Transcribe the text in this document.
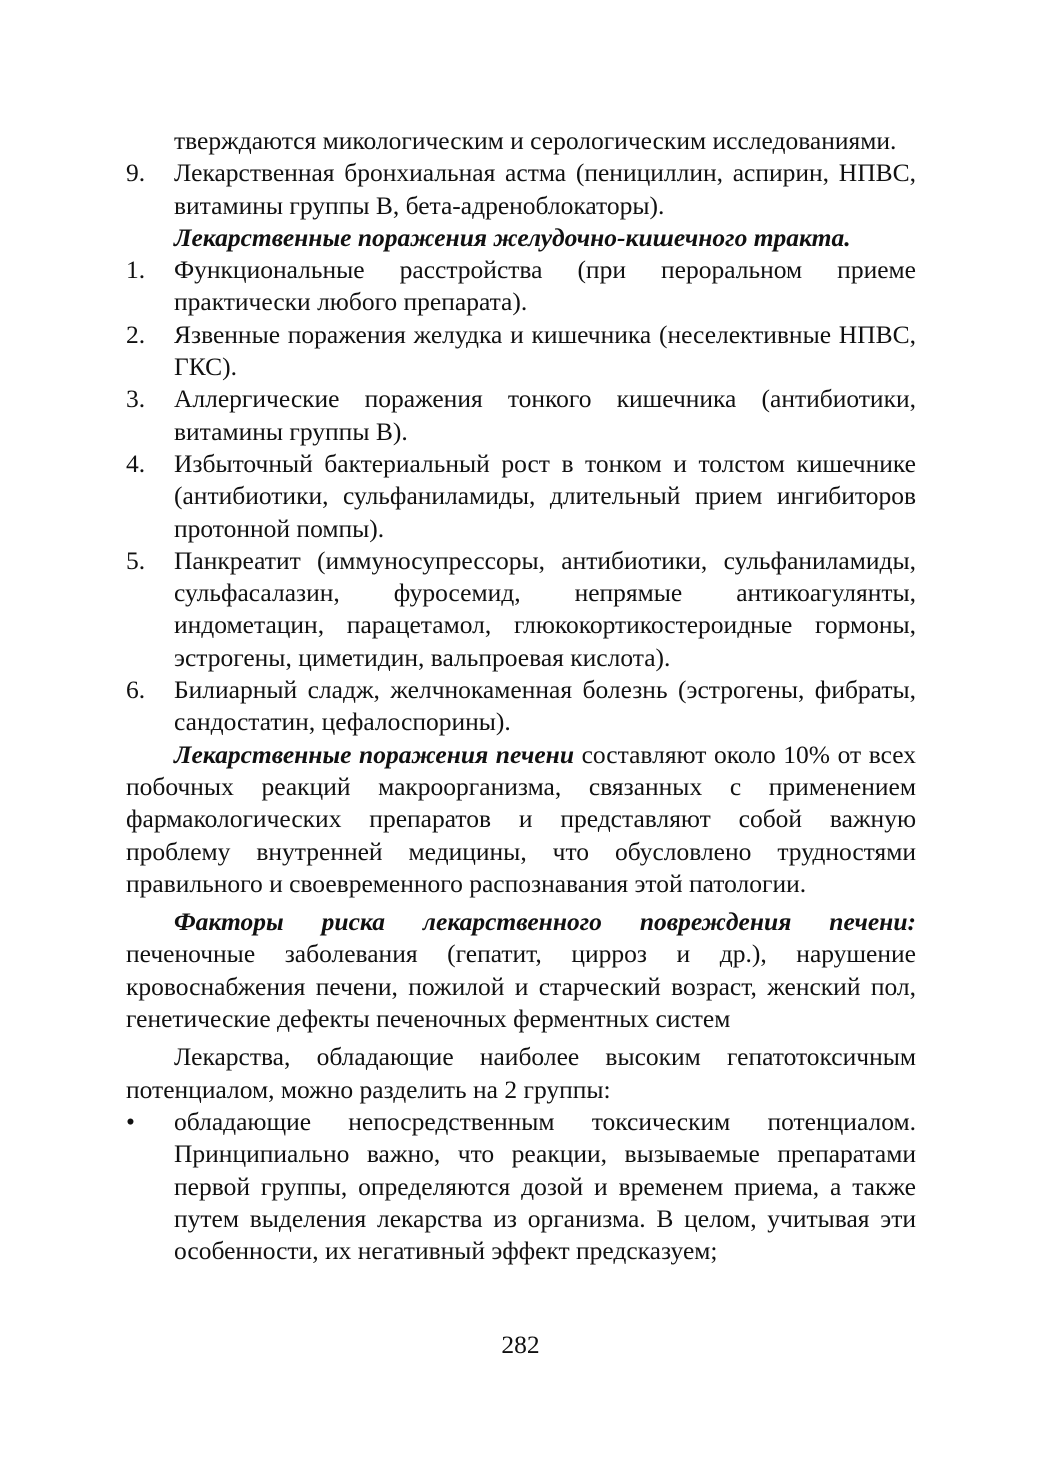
тверждаются микологическим и серологическим исследованиями.
9.	Лекарственная бронхиальная астма (пенициллин, аспирин, НПВС, витамины группы В, бета-адреноблокаторы).
Лекарственные поражения желудочно-кишечного тракта.
1.	Функциональные расстройства (при пероральном приеме практически любого препарата).
2.	Язвенные поражения желудка и кишечника (неселективные НПВС, ГКС).
3.	Аллергические поражения тонкого кишечника (антибиотики, витамины группы В).
4.	Избыточный бактериальный рост в тонком и толстом кишечнике (антибиотики, сульфаниламиды, длительный прием ингибиторов протонной помпы).
5.	Панкреатит (иммуносупрессоры, антибиотики, сульфаниламиды, сульфасалазин, фуросемид, непрямые антикоагулянты, индометацин, парацетамол, глюкокортикостероидные гормоны, эстрогены, циметидин, вальпроевая кислота).
6.	Билиарный сладж, желчнокаменная болезнь (эстрогены, фибраты, сандостатин, цефалоспорины).

Лекарственные поражения печени составляют около 10% от всех побочных реакций макроорганизма, связанных с применением фармакологических препаратов и представляют собой важную проблему внутренней медицины, что обусловлено трудностями правильного и своевременного распознавания этой патологии.

Факторы риска лекарственного повреждения печени: печеночные заболевания (гепатит, цирроз и др.), нарушение кровоснабжения печени, пожилой и старческий возраст, женский пол, генетические дефекты печеночных ферментных систем

Лекарства, обладающие наиболее высоким гепатотоксичным потенциалом, можно разделить на 2 группы:

•	обладающие непосредственным токсическим потенциалом. Принципиально важно, что реакции, вызываемые препаратами первой группы, определяются дозой и временем приема, а также путем выделения лекарства из организма. В целом, учитывая эти особенности, их негативный эффект предсказуем;
282
